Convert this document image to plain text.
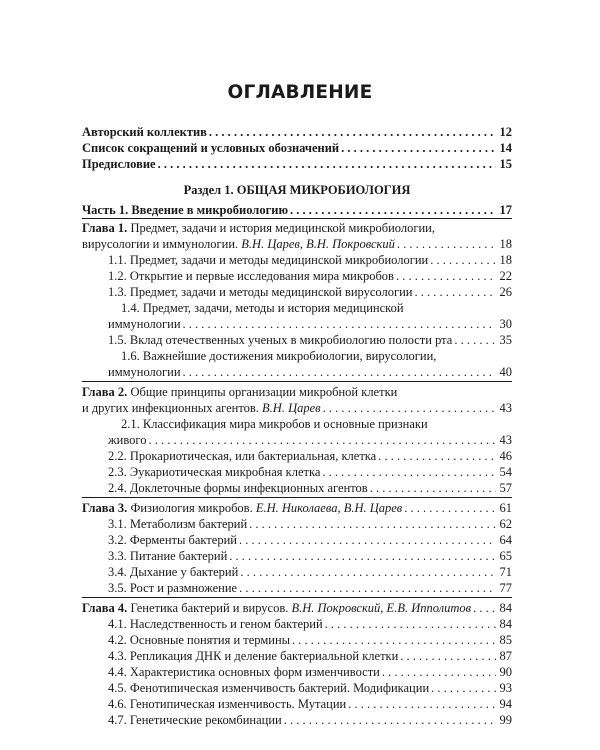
ОГЛАВЛЕНИЕ
Авторский коллектив . . .	12
Список сокращений и условных обозначений . . .	14
Предисловие . . .	15
Раздел 1. ОБЩАЯ МИКРОБИОЛОГИЯ
Часть 1. Введение в микробиологию . . .	17
Глава 1. Предмет, задачи и история медицинской микробиологии,
вирусологии и иммунологии. В.Н. Царев, В.Н. Покровский . . .	18
1.1. Предмет, задачи и методы медицинской микробиологии . . .	18
1.2. Открытие и первые исследования мира микробов . . .	22
1.3. Предмет, задачи и методы медицинской вирусологии . . .	26
1.4. Предмет, задачи, методы и история медицинской
иммунологии . . .	30
1.5. Вклад отечественных ученых в микробиологию полости рта . . .	35
1.6. Важнейшие достижения микробиологии, вирусологии,
иммунологии . . .	40
Глава 2. Общие принципы организации микробной клетки
и других инфекционных агентов. В.Н. Царев . . .	43
2.1. Классификация мира микробов и основные признаки
живого . . .	43
2.2. Прокариотическая, или бактериальная, клетка . . .	46
2.3. Эукариотическая микробная клетка . . .	54
2.4. Доклеточные формы инфекционных агентов . . .	57
Глава 3. Физиология микробов. Е.Н. Николаева, В.Н. Царев . . .	61
3.1. Метаболизм бактерий . . .	62
3.2. Ферменты бактерий . . .	64
3.3. Питание бактерий . . .	65
3.4. Дыхание у бактерий . . .	71
3.5. Рост и размножение . . .	77
Глава 4. Генетика бактерий и вирусов. В.Н. Покровский, Е.В. Ипполитов . . . 84
4.1. Наследственность и геном бактерий . . .	84
4.2. Основные понятия и термины . . .	85
4.3. Репликация ДНК и деление бактериальной клетки . . .	87
4.4. Характеристика основных форм изменчивости . . .	90
4.5. Фенотипическая изменчивость бактерий. Модификации . . .	93
4.6. Генотипическая изменчивость. Мутации . . .	94
4.7. Генетические рекомбинации . . .	99
